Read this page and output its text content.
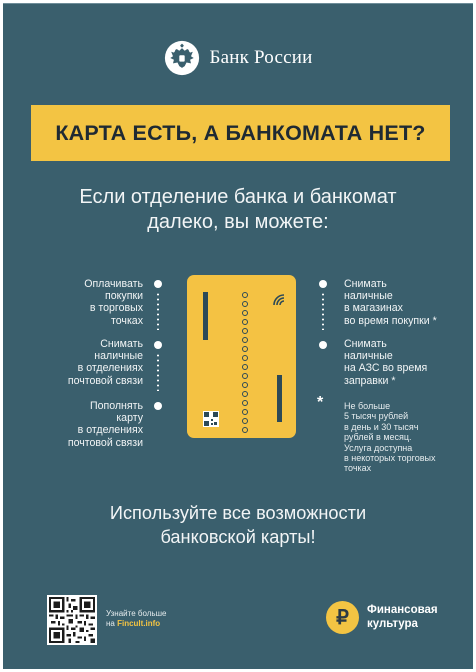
Банк России
КАРТА ЕСТЬ, А БАНКОМАТА НЕТ?
Если отделение банка и банкомат
далеко, вы можете:
Оплачивать
покупки
в торговых
точках
Снимать
наличные
в отделениях
почтовой связи
Пополнять
карту
в отделениях
почтовой связи
*
Снимать
наличные
в магазинах
во время покупки *
Снимать
наличные
на АЗС во время
заправки *
Не больше
5 тысяч рублей
в день и 30 тысяч
рублей в месяц.
Услуга доступна
в некоторых торговых
точках
Используйте все возможности
банковской карты!
Узнайте больше
на Fincult.info	₽	Финансовая
культура
